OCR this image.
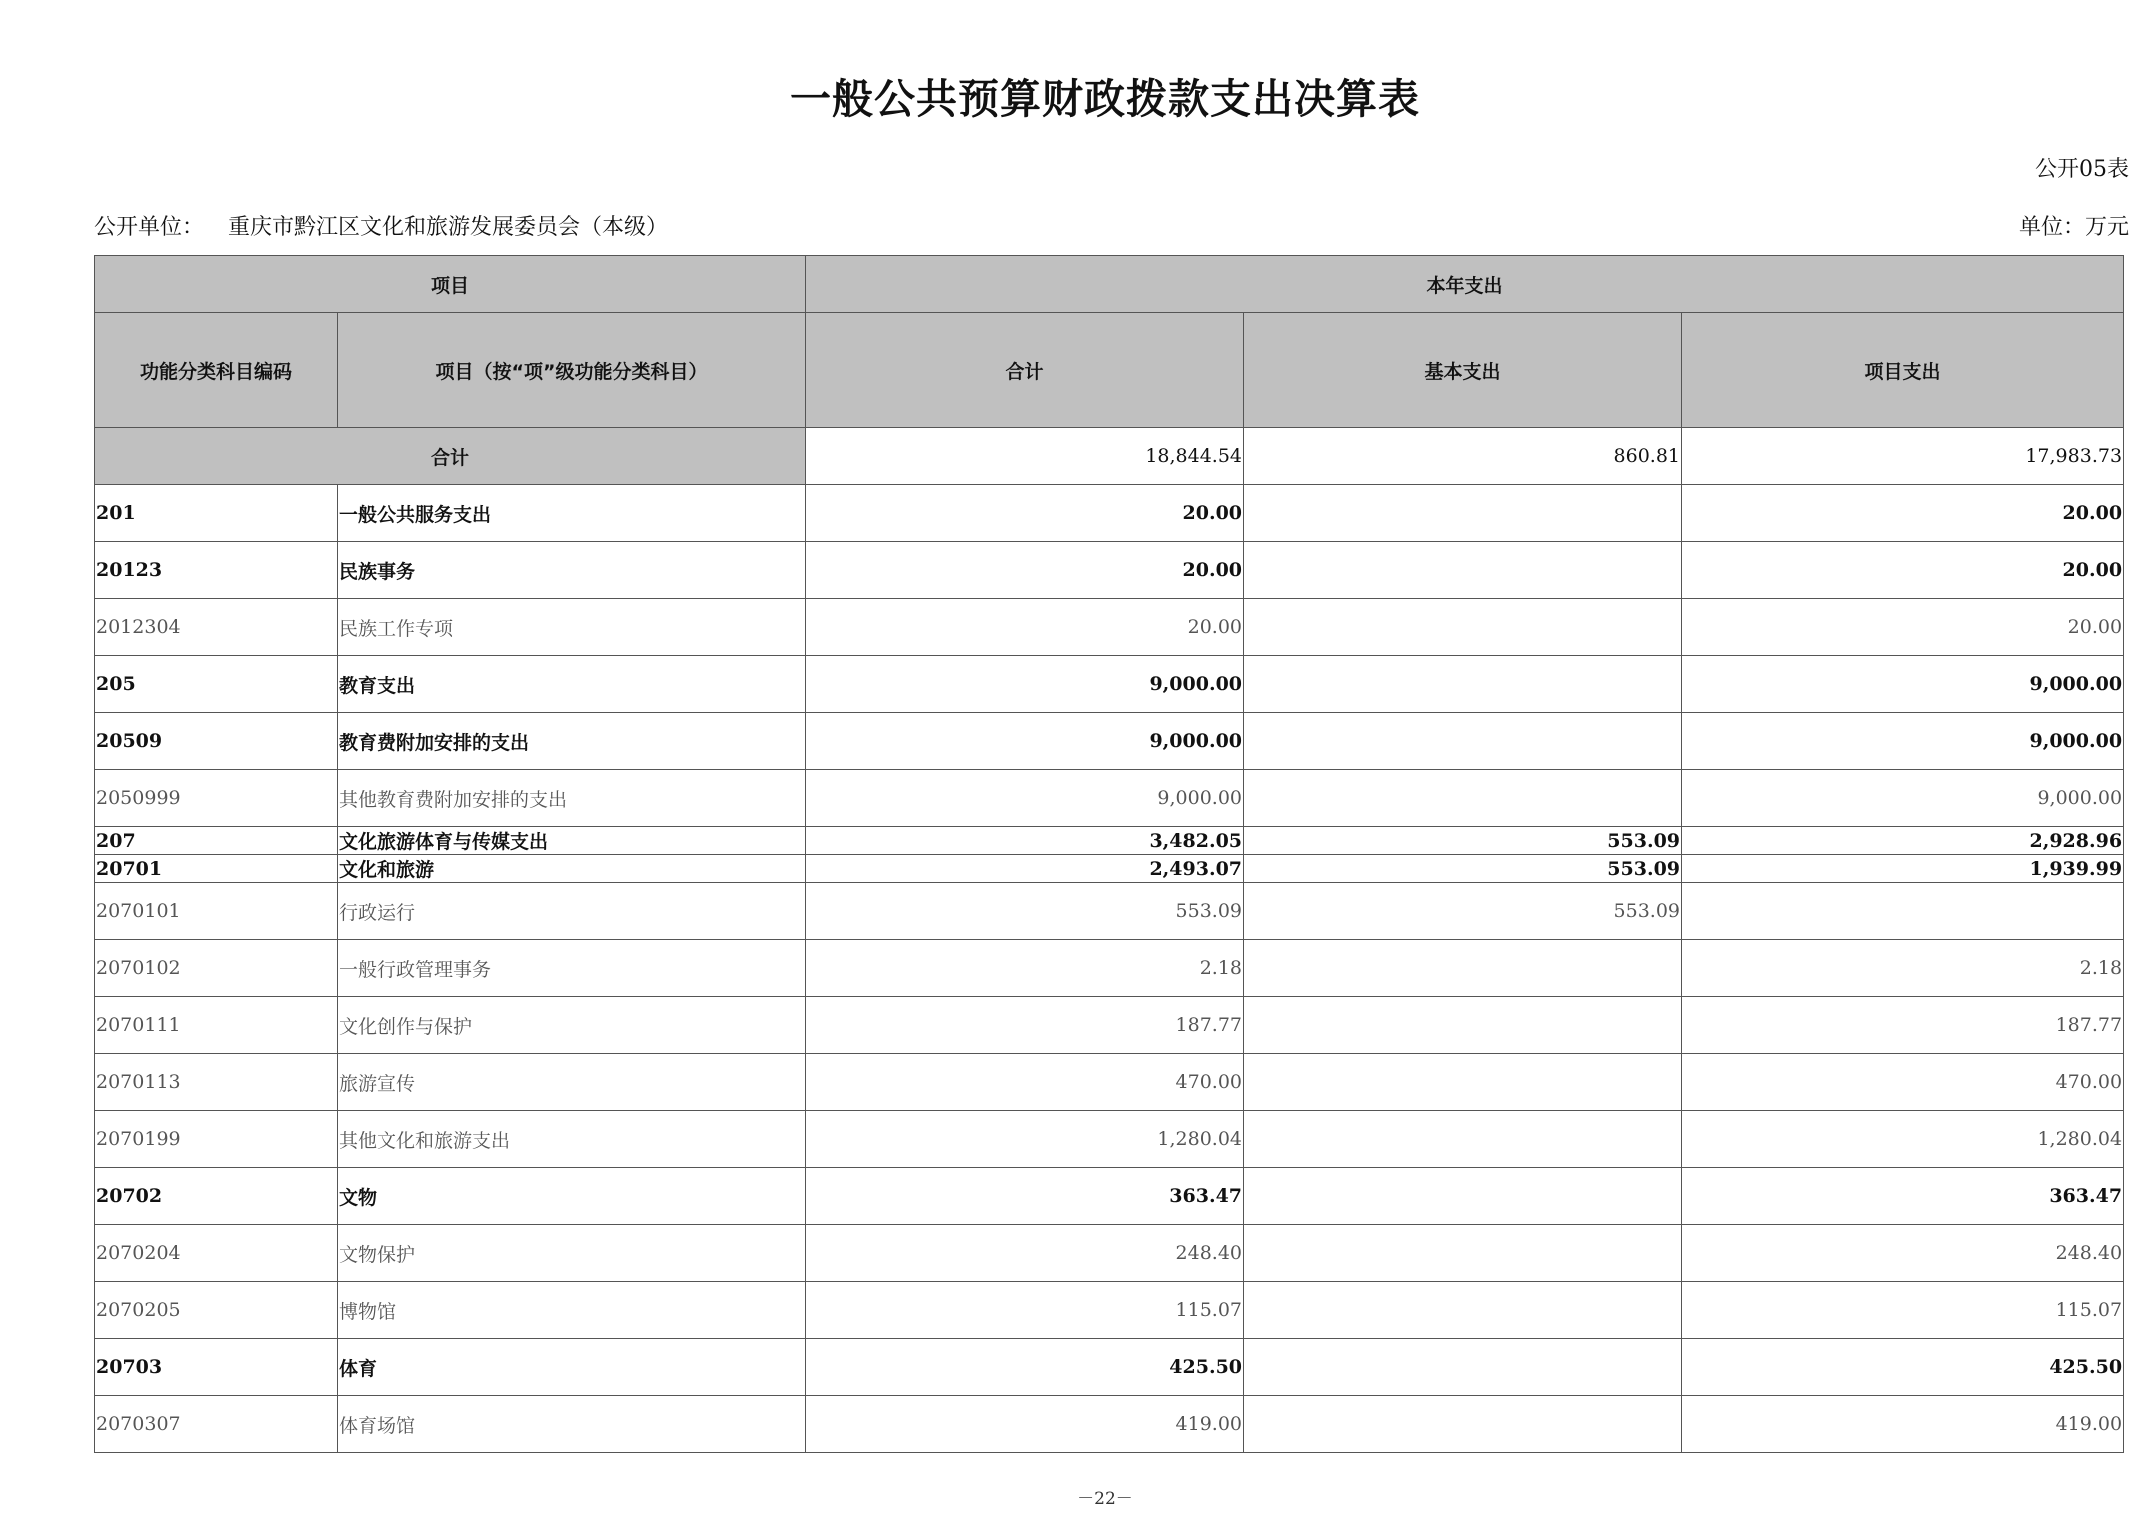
一般公共预算财政拨款支出决算表
公开05表
公开单位： 重庆市黔江区文化和旅游发展委员会（本级）	单位：万元
项目		本年支出		
功能分类科目编码	项目（按“项”级功能分类科目）	合计	基本支出	项目支出
合计		18,844.54	860.81	17,983.73
201	一般公共服务支出	20.00		20.00
20123	民族事务	20.00		20.00
2012304	民族工作专项	20.00		20.00
205	教育支出	9,000.00		9,000.00
20509	教育费附加安排的支出	9,000.00		9,000.00
2050999	其他教育费附加安排的支出	9,000.00		9,000.00
207	文化旅游体育与传媒支出	3,482.05	553.09	2,928.96
20701	文化和旅游	2,493.07	553.09	1,939.99
2070101	行政运行	553.09	553.09	
2070102	一般行政管理事务	2.18		2.18
2070111	文化创作与保护	187.77		187.77
2070113	旅游宣传	470.00		470.00
2070199	其他文化和旅游支出	1,280.04		1,280.04
20702	文物	363.47		363.47
2070204	文物保护	248.40		248.40
2070205	博物馆	115.07		115.07
20703	体育	425.50		425.50
2070307	体育场馆	419.00		419.00
－22－
